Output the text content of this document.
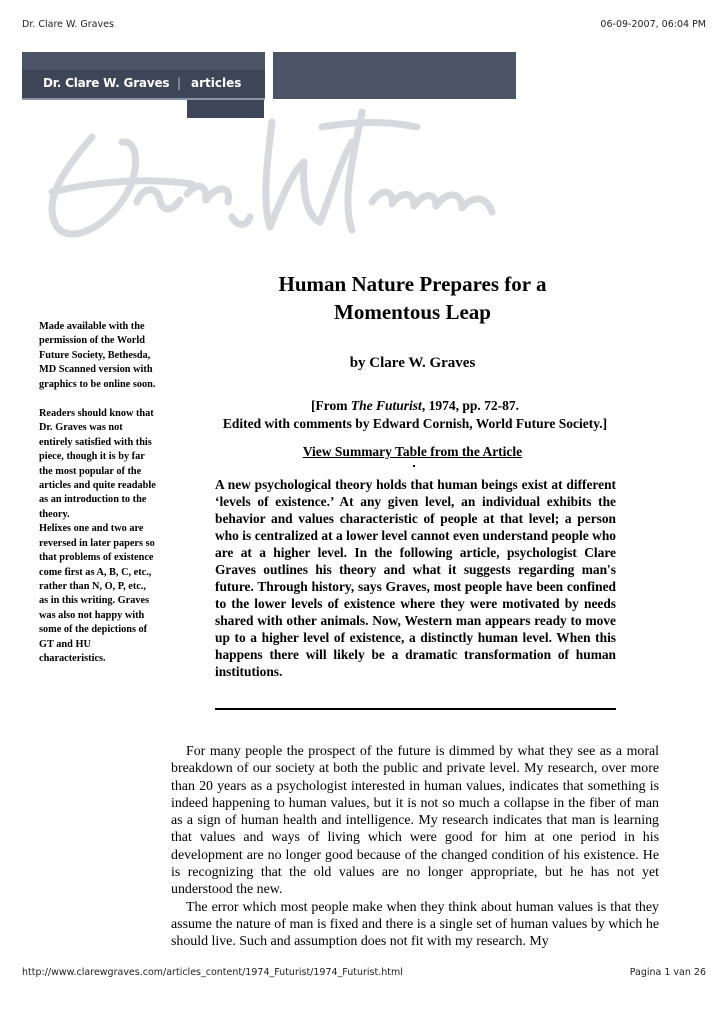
Dr. Clare W. Graves	06-09-2007, 06:04 PM
Dr. Clare W. Graves | articles

Made available with the permission of the World Future Society, Bethesda, MD Scanned version with graphics to be online soon.

Readers should know that Dr. Graves was not entirely satisfied with this piece, though it is by far the most popular of the articles and quite readable as an introduction to the theory.

Helixes one and two are reversed in later papers so that problems of existence come first as A, B, C, etc., rather than N, O, P, etc., as in this writing. Graves was also not happy with some of the depictions of GT and HU characteristics.

Human Nature Prepares for a Momentous Leap
by Clare W. Graves
[From The Futurist, 1974, pp. 72-87.
Edited with comments by Edward Cornish, World Future Society.]
View Summary Table from the Article

A new psychological theory holds that human beings exist at different ‘levels of existence.’ At any given level, an individual exhibits the behavior and values characteristic of people at that level; a person who is centralized at a lower level cannot even understand people who are at a higher level. In the following article, psychologist Clare Graves outlines his theory and what it suggests regarding man's future. Through history, says Graves, most people have been confined to the lower levels of existence where they were motivated by needs shared with other animals. Now, Western man appears ready to move up to a higher level of existence, a distinctly human level. When this happens there will likely be a dramatic transformation of human institutions.

For many people the prospect of the future is dimmed by what they see as a moral breakdown of our society at both the public and private level. My research, over more than 20 years as a psychologist interested in human values, indicates that something is indeed happening to human values, but it is not so much a collapse in the fiber of man as a sign of human health and intelligence. My research indicates that man is learning that values and ways of living which were good for him at one period in his development are no longer good because of the changed condition of his existence. He is recognizing that the old values are no longer appropriate, but he has not yet understood the new.

The error which most people make when they think about human values is that they assume the nature of man is fixed and there is a single set of human values by which he should live. Such and assumption does not fit with my research. My

http://www.clarewgraves.com/articles_content/1974_Futurist/1974_Futurist.html	Pagina 1 van 26
